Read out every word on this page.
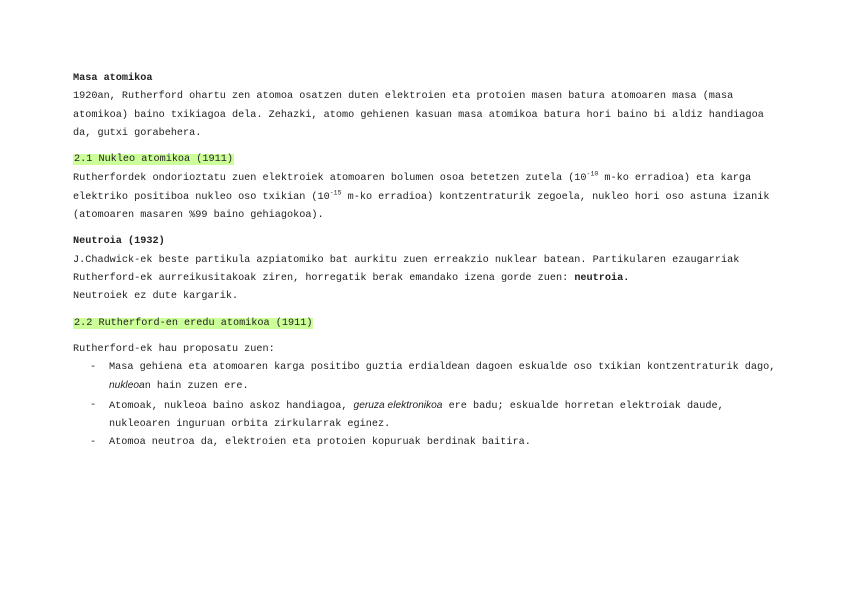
Masa atomikoa
1920an, Rutherford ohartu zen atomoa osatzen duten elektroien eta protoien masen batura atomoaren masa (masa atomikoa) baino txikiagoa dela. Zehazki, atomo gehienen kasuan masa atomikoa batura hori baino bi aldiz handiagoa da, gutxi gorabehera.
2.1 Nukleo atomikoa (1911)
Rutherfordek ondorioztatu zuen elektroiek atomoaren bolumen osoa betetzen zutela ($10^{-10}$ m-ko erradioa) eta karga elektriko positiboa nukleo oso txikian ($10^{-15}$ m-ko erradioa) kontzentraturik zegoela, nukleo hori oso astuna izanik (atomoaren masaren %99 baino gehiagokoa).
Neutroia (1932)
J.Chadwick-ek beste partikula azpiatomiko bat aurkitu zuen erreakzio nuklear batean. Partikularen ezaugarriak Rutherford-ek aurreikusitakoak ziren, horregatik berak emandako izena gorde zuen: neutroia.
Neutroiek ez dute kargarik.
2.2 Rutherford-en eredu atomikoa (1911)
Rutherford-ek hau proposatu zuen:
- Masa gehiena eta atomoaren karga positibo guztia erdialdean dagoen eskualde oso txikian kontzentraturik dago, nukleoan hain zuzen ere.
- Atomoak, nukleoa baino askoz handiagoa, geruza elektronikoa ere badu; eskualde horretan elektroiak daude, nukleoaren inguruan orbita zirkularrak eginez.
- Atomoa neutroa da, elektroien eta protoien kopuruak berdinak baitira.
